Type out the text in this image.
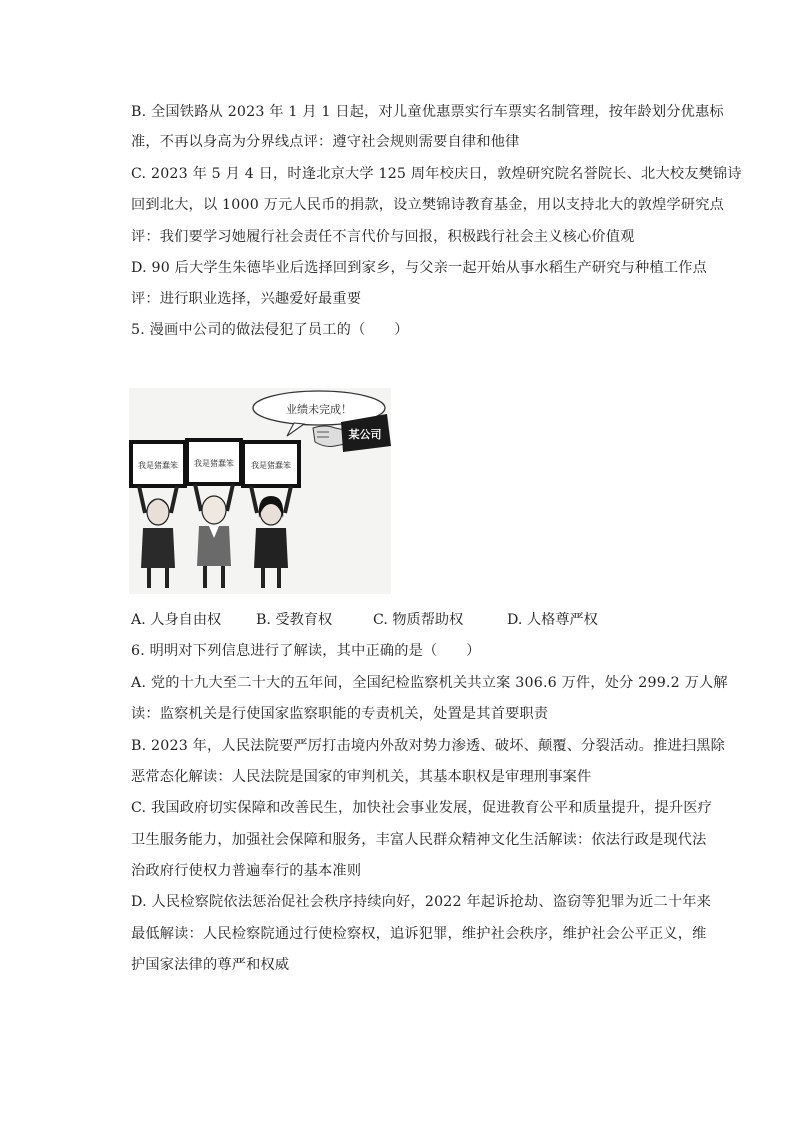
B. 全国铁路从 2023 年 1 月 1 日起，对儿童优惠票实行车票实名制管理，按年龄划分优惠标
准，不再以身高为分界线点评：遵守社会规则需要自律和他律
C. 2023 年 5 月 4 日，时逢北京大学 125 周年校庆日，敦煌研究院名誉院长、北大校友樊锦诗
回到北大，以 1000 万元人民币的捐款，设立樊锦诗教育基金，用以支持北大的敦煌学研究点
评：我们要学习她履行社会责任不言代价与回报，积极践行社会主义核心价值观
D. 90 后大学生朱德毕业后选择回到家乡，与父亲一起开始从事水稻生产研究与种植工作点
评：进行职业选择，兴趣爱好最重要
5. 漫画中公司的做法侵犯了员工的（　　）
业绩未完成！
某公司
我是猪蠢笨 我是猪蠢笨 我是猪蠢笨
A. 人身自由权 B. 受教育权	C. 物质帮助权	D. 人格尊严权
6. 明明对下列信息进行了解读，其中正确的是（　　）
A. 党的十九大至二十大的五年间，全国纪检监察机关共立案 306.6 万件，处分 299.2 万人解
读：监察机关是行使国家监察职能的专责机关，处置是其首要职责
B. 2023 年，人民法院要严厉打击境内外敌对势力渗透、破坏、颠覆、分裂活动。推进扫黑除
恶常态化解读：人民法院是国家的审判机关，其基本职权是审理刑事案件
C. 我国政府切实保障和改善民生，加快社会事业发展，促进教育公平和质量提升，提升医疗
卫生服务能力，加强社会保障和服务，丰富人民群众精神文化生活解读：依法行政是现代法
治政府行使权力普遍奉行的基本准则
D. 人民检察院依法惩治促社会秩序持续向好，2022 年起诉抢劫、盗窃等犯罪为近二十年来
最低解读：人民检察院通过行使检察权，追诉犯罪，维护社会秩序，维护社会公平正义，维
护国家法律的尊严和权威
